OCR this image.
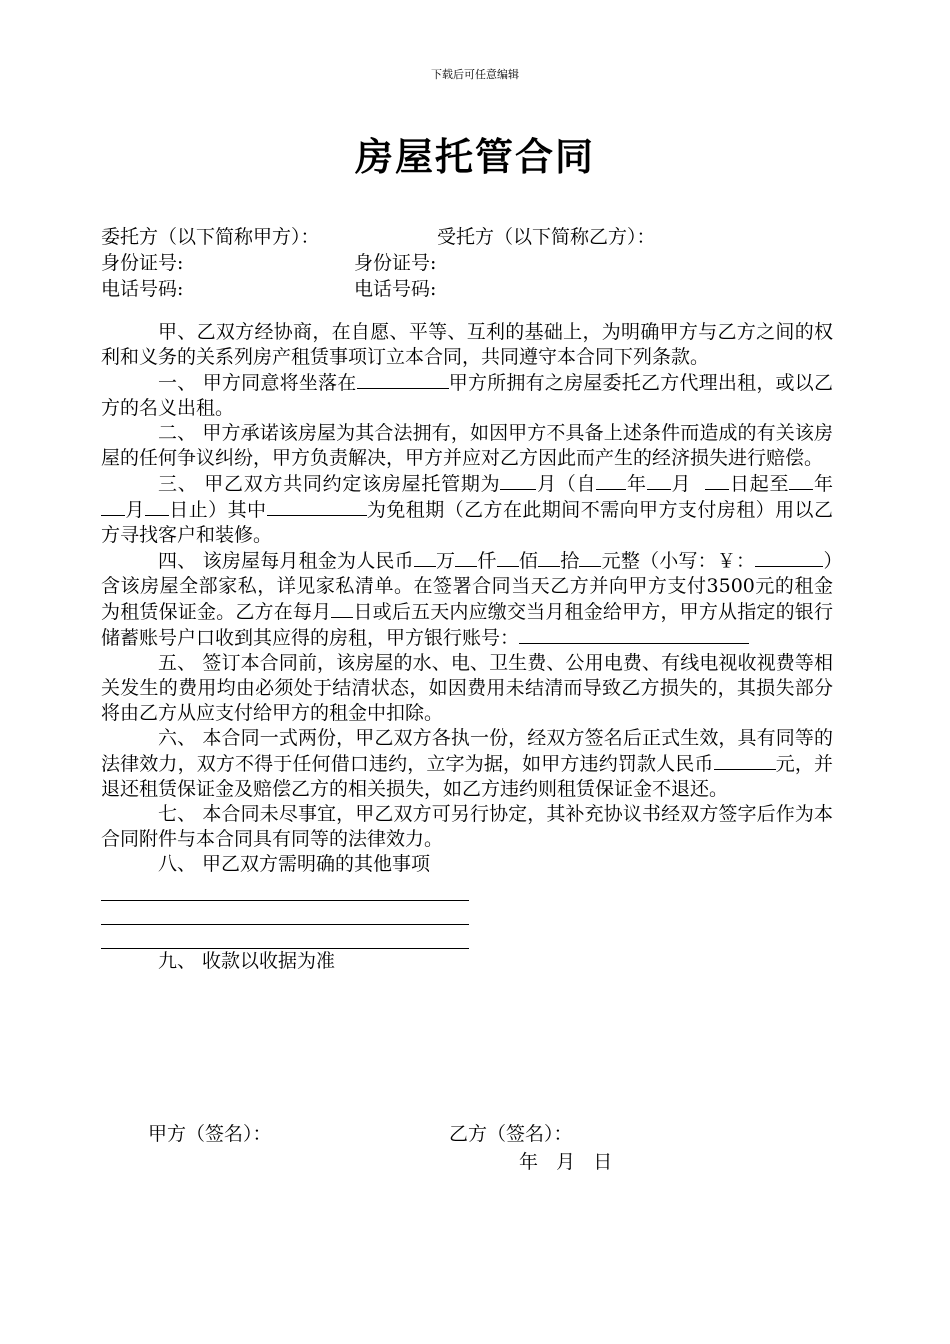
下载后可任意编辑
房屋托管合同
委托方（以下简称甲方）：	受托方（以下简称乙方）：
身份证号:	身份证号:
电话号码:	电话号码:

甲、乙双方经协商，在自愿、平等、互利的基础上，为明确甲方与乙方之间的权利和义务的关系列房产租赁事项订立本合同，共同遵守本合同下列条款。

一、 甲方同意将坐落在	甲方所拥有之房屋委托乙方代理出租，或以乙方的名义出租。

二、 甲方承诺该房屋为其合法拥有，如因甲方不具备上述条件而造成的有关该房屋的任何争议纠纷，甲方负责解决，甲方并应对乙方因此而产生的经济损失进行赔偿。

三、 甲乙双方共同约定该房屋托管期为 月（自 年 月 日起至 年月 日止）其中	为免租期（乙方在此期间不需向甲方支付房租）用以乙方寻找客户和装修。

四、 该房屋每月租金为人民币 万 仟 佰 拾 元整（小写：￥：	）含该房屋全部家私，详见家私清单。在签署合同当天乙方并向甲方支付3500元的租金为租赁保证金。乙方在每月 日或后五天内应缴交当月租金给甲方，甲方从指定的银行储蓄账号户口收到其应得的房租，甲方银行账号：

五、 签订本合同前，该房屋的水、电、卫生费、公用电费、有线电视收视费等相关发生的费用均由必须处于结清状态，如因费用未结清而导致乙方损失的，其损失部分将由乙方从应支付给甲方的租金中扣除。

六、 本合同一式两份，甲乙双方各执一份，经双方签名后正式生效，具有同等的法律效力，双方不得于任何借口违约，立字为据，如甲方违约罚款人民币	元，并退还租赁保证金及赔偿乙方的相关损失，如乙方违约则租赁保证金不退还。

七、 本合同未尽事宜，甲乙双方可另行协定，其补充协议书经双方签字后作为本合同附件与本合同具有同等的法律效力。

八、 甲乙双方需明确的其他事项

九、 收款以收据为准

甲方（签名）：	乙方（签名）：
年   月   日
